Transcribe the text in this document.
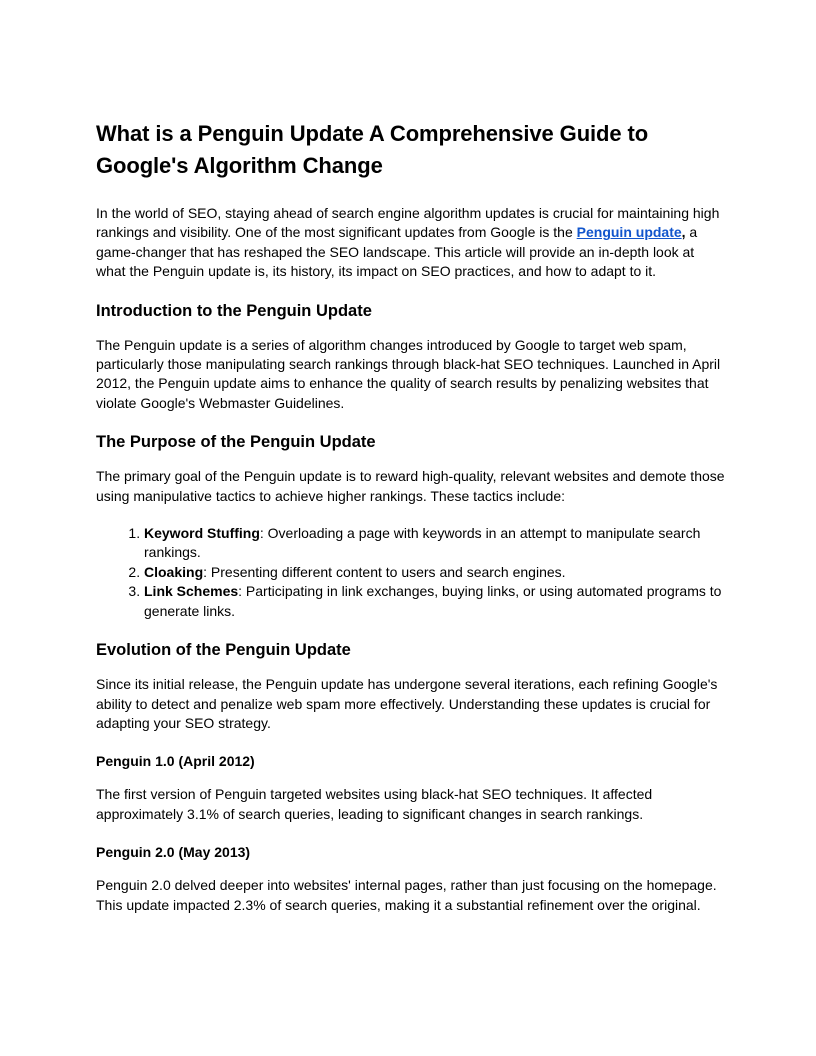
What is a Penguin Update A Comprehensive Guide to Google's Algorithm Change

In the world of SEO, staying ahead of search engine algorithm updates is crucial for maintaining high rankings and visibility. One of the most significant updates from Google is the Penguin update, a game-changer that has reshaped the SEO landscape. This article will provide an in-depth look at what the Penguin update is, its history, its impact on SEO practices, and how to adapt to it.

Introduction to the Penguin Update

The Penguin update is a series of algorithm changes introduced by Google to target web spam, particularly those manipulating search rankings through black-hat SEO techniques. Launched in April 2012, the Penguin update aims to enhance the quality of search results by penalizing websites that violate Google's Webmaster Guidelines.

The Purpose of the Penguin Update

The primary goal of the Penguin update is to reward high-quality, relevant websites and demote those using manipulative tactics to achieve higher rankings. These tactics include:

1. Keyword Stuffing: Overloading a page with keywords in an attempt to manipulate search rankings.
2. Cloaking: Presenting different content to users and search engines.
3. Link Schemes: Participating in link exchanges, buying links, or using automated programs to generate links.
Evolution of the Penguin Update

Since its initial release, the Penguin update has undergone several iterations, each refining Google's ability to detect and penalize web spam more effectively. Understanding these updates is crucial for adapting your SEO strategy.

Penguin 1.0 (April 2012)

The first version of Penguin targeted websites using black-hat SEO techniques. It affected approximately 3.1% of search queries, leading to significant changes in search rankings.

Penguin 2.0 (May 2013)

Penguin 2.0 delved deeper into websites' internal pages, rather than just focusing on the homepage. This update impacted 2.3% of search queries, making it a substantial refinement over the original.
